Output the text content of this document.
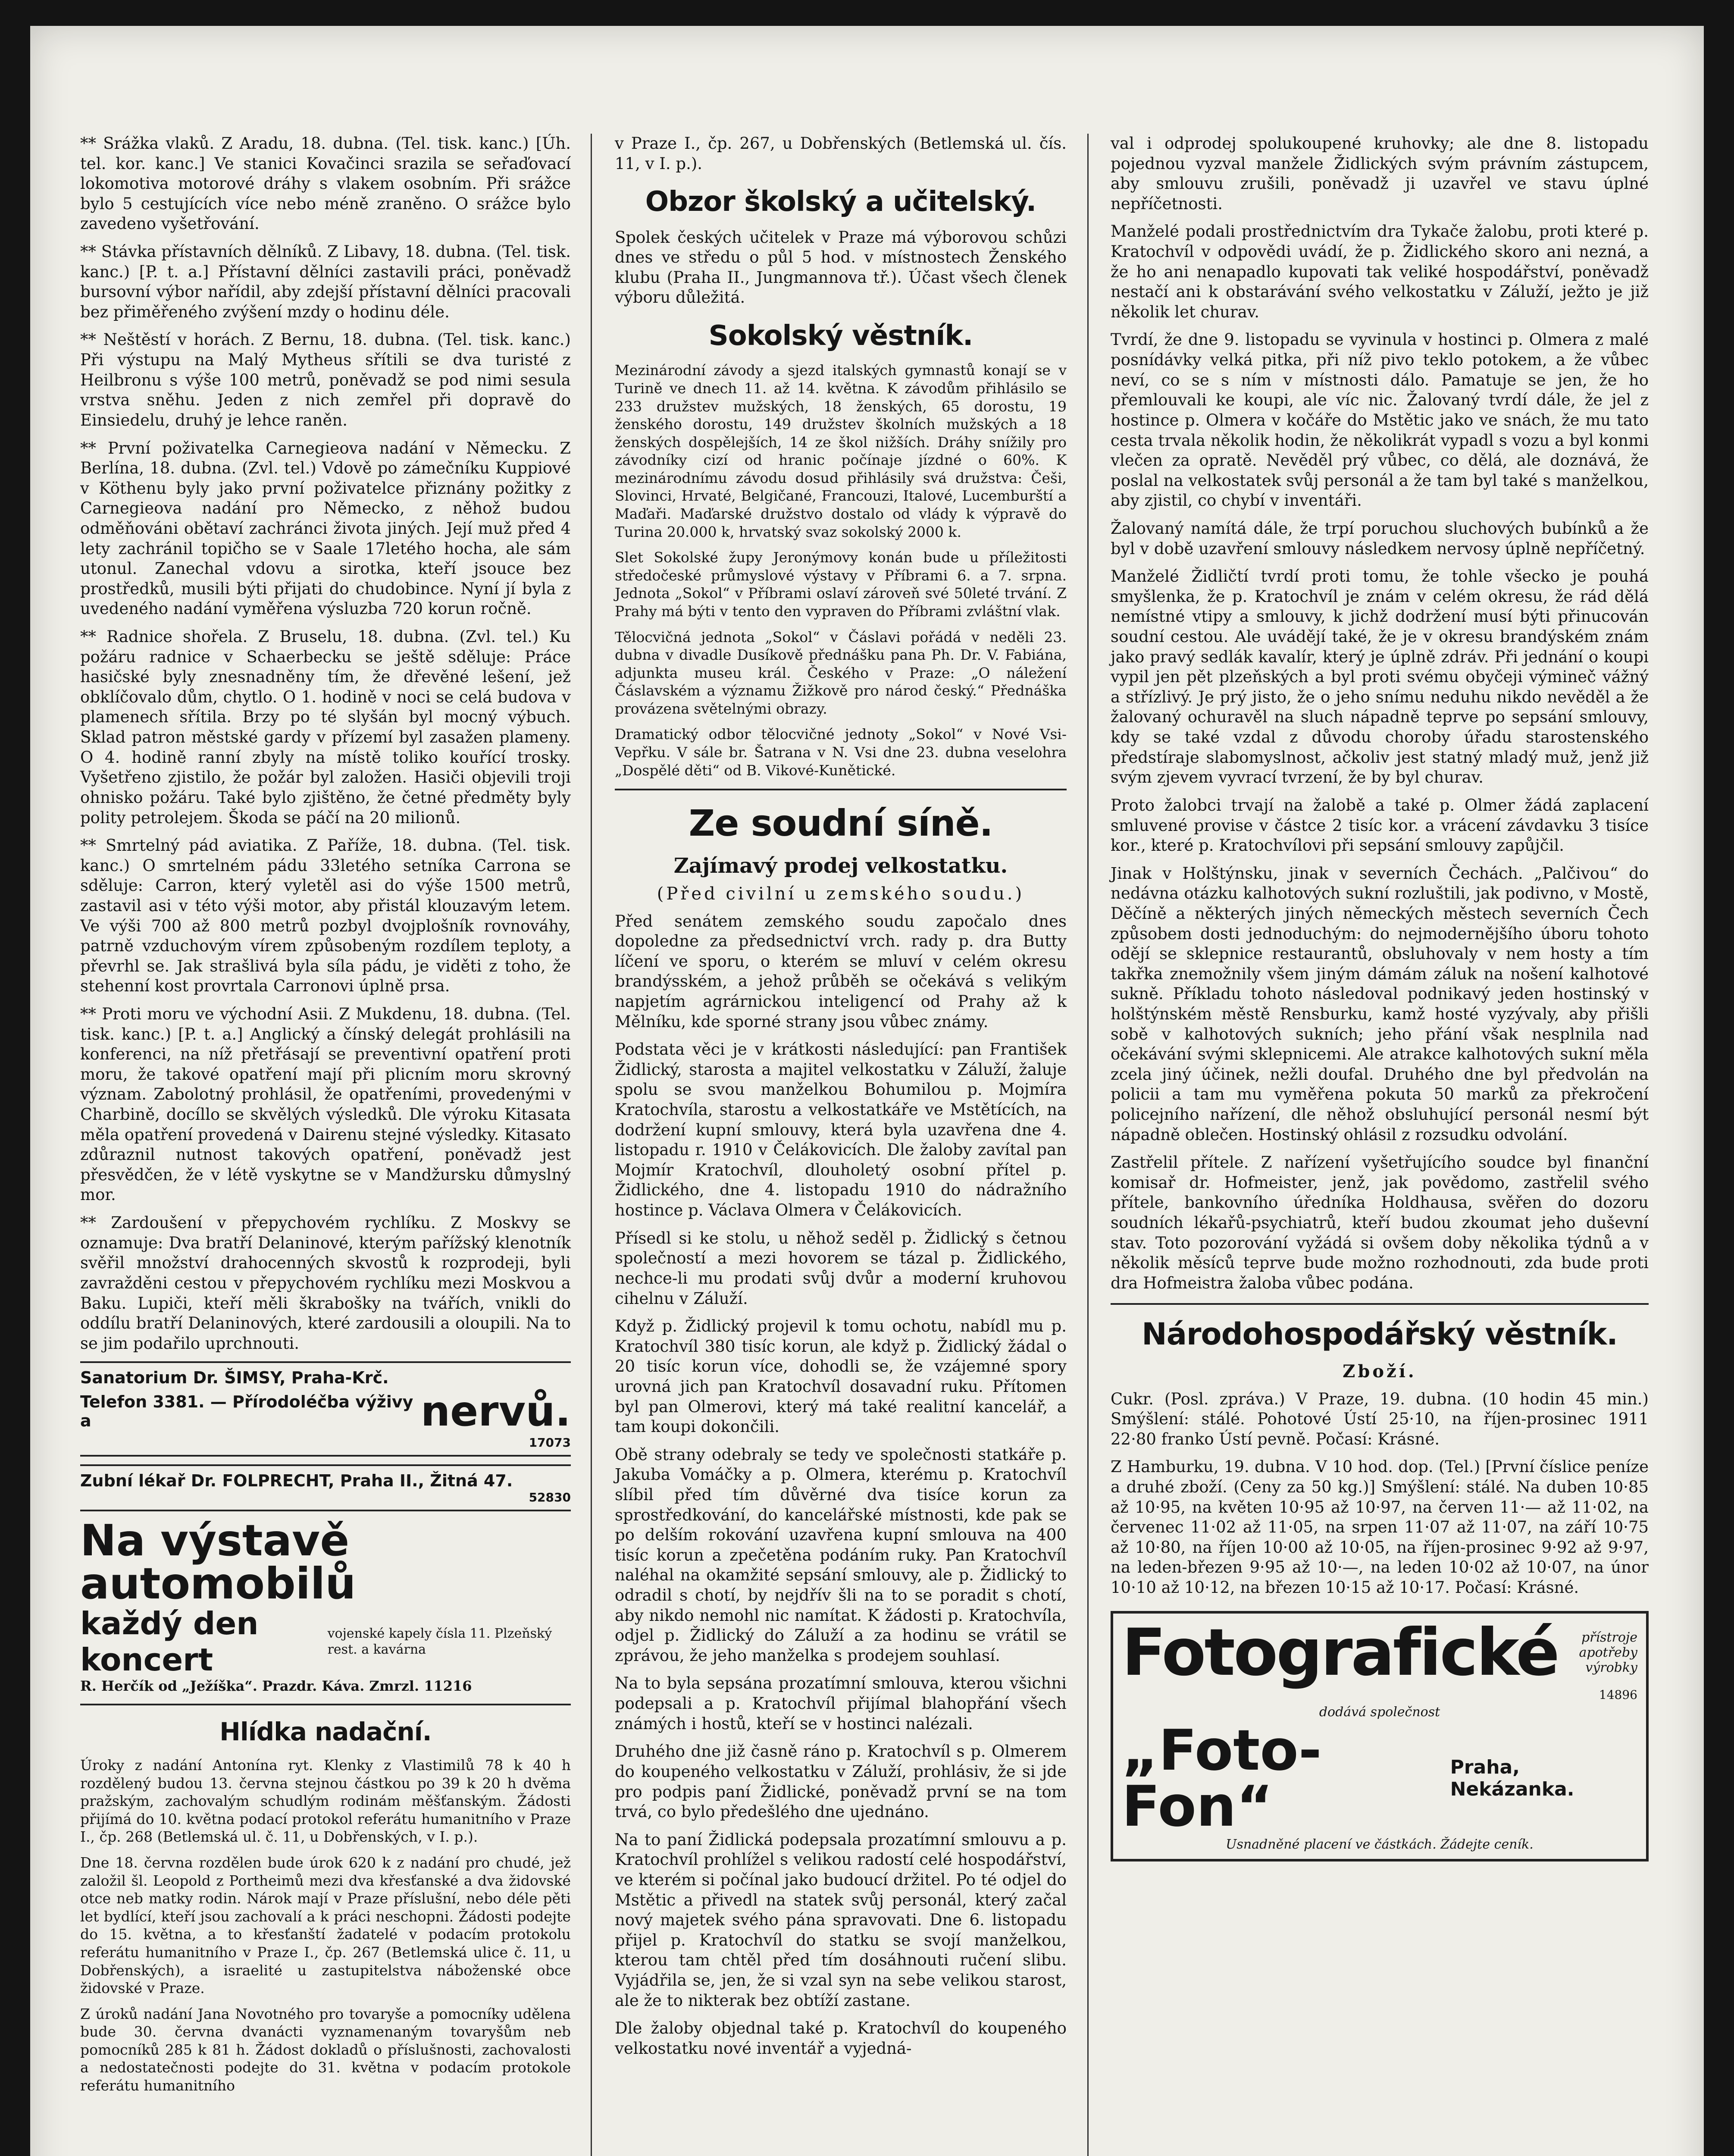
** Srážka vlaků. Z Aradu, 18. dubna. (Tel. tisk. kanc.) [Úh. tel. kor. kanc.] Ve stanici Kovačinci srazila se seřaďovací lokomotiva motorové dráhy s vlakem osobním. Při srážce bylo 5 cestujících více nebo méně zraněno. O srážce bylo zavedeno vyšetřování.

** Stávka přístavních dělníků. Z Libavy, 18. dubna. (Tel. tisk. kanc.) [P. t. a.] Přístavní dělníci zastavili práci, poněvadž bursovní výbor nařídil, aby zdejší přístavní dělníci pracovali bez přiměřeného zvýšení mzdy o hodinu déle.

** Neštěstí v horách. Z Bernu, 18. dubna. (Tel. tisk. kanc.) Při výstupu na Malý Mytheus sřítili se dva turisté z Heilbronu s výše 100 metrů, poněvadž se pod nimi sesula vrstva sněhu. Jeden z nich zemřel při dopravě do Einsiedelu, druhý je lehce raněn.

** První poživatelka Carnegieova nadání v Německu. Z Berlína, 18. dubna. (Zvl. tel.) Vdově po zámečníku Kuppiové v Köthenu byly jako první poživatelce přiznány požitky z Carnegieova nadání pro Německo, z něhož budou odměňováni obětaví zachránci života jiných. Její muž před 4 lety zachránil topičho se v Saale 17letého hocha, ale sám utonul. Zanechal vdovu a sirotka, kteří jsouce bez prostředků, musili býti přijati do chudobince. Nyní jí byla z uvedeného nadání vyměřena výsluzba 720 korun ročně.

** Radnice shořela. Z Bruselu, 18. dubna. (Zvl. tel.) Ku požáru radnice v Schaerbecku se ještě sděluje: Práce hasičské byly znesnadněny tím, že dřevěné lešení, jež obklíčovalo dům, chytlo. O 1. hodině v noci se celá budova v plamenech sřítila. Brzy po té slyšán byl mocný výbuch. Sklad patron městské gardy v přízemí byl zasažen plameny. O 4. hodině ranní zbyly na místě toliko kouřící trosky. Vyšetřeno zjistilo, že požár byl založen. Hasiči objevili troji ohnisko požáru. Také bylo zjištěno, že četné předměty byly polity petrolejem. Škoda se páčí na 20 milionů.

** Smrtelný pád aviatika. Z Paříže, 18. dubna. (Tel. tisk. kanc.) O smrtelném pádu 33letého setníka Carrona se sděluje: Carron, který vyletěl asi do výše 1500 metrů, zastavil asi v této výši motor, aby přistál klouzavým letem. Ve výši 700 až 800 metrů pozbyl dvojplošník rovnováhy, patrně vzduchovým vírem způsobeným rozdílem teploty, a převrhl se. Jak strašlivá byla síla pádu, je viděti z toho, že stehenní kost provrtala Carronovi úplně prsa.

** Proti moru ve východní Asii. Z Mukdenu, 18. dubna. (Tel. tisk. kanc.) [P. t. a.] Anglický a čínský delegát prohlásili na konferenci, na níž přetřásají se preventivní opatření proti moru, že takové opatření mají při plicním moru skrovný význam. Zabolotný prohlásil, že opatřeními, provedenými v Charbině, docíllo se skvělých výsledků. Dle výroku Kitasata měla opatření provedená v Dairenu stejné výsledky. Kitasato zdůraznil nutnost takových opatření, poněvadž jest přesvědčen, že v létě vyskytne se v Mandžursku důmyslný mor.

** Zardoušení v přepychovém rychlíku. Z Moskvy se oznamuje: Dva bratří Delaninové, kterým pařížský klenotník svěřil množství drahocenných skvostů k rozprodeji, byli zavražděni cestou v přepychovém rychlíku mezi Moskvou a Baku. Lupiči, kteří měli škrabošky na tvářích, vnikli do oddílu bratří Delaninových, které zardousili a oloupili. Na to se jim podařilo uprchnouti.

Sanatorium Dr. ŠIMSY, Praha-Krč.
Telefon 3381. — Přírodoléčba výživy a	nervů.
17073
Zubní lékař Dr. FOLPRECHT, Praha II., Žitná 47.
52830
Na výstavě automobilů
každý den koncert
vojenské kapely čísla 11. Plzeňský rest. a kavárna
R. Herčík od „Ježíška“. Prazdr. Káva. Zmrzl. 11216
Hlídka nadační.

Úroky z nadání Antonína ryt. Klenky z Vlastimilů 78 k 40 h rozdělený budou 13. června stejnou částkou po 39 k 20 h dvěma pražským, zachovalým schudlým rodinám měšťanským. Žádosti přijímá do 10. května podací protokol referátu humanitního v Praze I., čp. 268 (Betlemská ul. č. 11, u Dobřenských, v I. p.).

Dne 18. června rozdělen bude úrok 620 k z nadání pro chudé, jež založil šl. Leopold z Portheimů mezi dva křesťanské a dva židovské otce neb matky rodin. Nárok mají v Praze příslušní, nebo déle pěti let bydlící, kteří jsou zachovalí a k práci neschopni. Žádosti podejte do 15. května, a to křesťanští žadatelé v podacím protokolu referátu humanitního v Praze I., čp. 267 (Betlemská ulice č. 11, u Dobřenských), a israelité u zastupitelstva náboženské obce židovské v Praze.

Z úroků nadání Jana Novotného pro tovaryše a pomocníky udělena bude 30. června dvanácti vyznamenaným tovaryšům neb pomocníků 285 k 81 h. Žádost dokladů o příslušnosti, zachovalosti a nedostatečnosti podejte do 31. května v podacím protokole referátu humanitního

v Praze I., čp. 267, u Dobřenských (Betlemská ul. čís. 11, v I. p.).

Obzor školský a učitelský.

Spolek českých učitelek v Praze má výborovou schůzi dnes ve středu o půl 5 hod. v místnostech Ženského klubu (Praha II., Jungmannova tř.). Účast všech členek výboru důležitá.

Sokolský věstník.

Mezinárodní závody a sjezd italských gymnastů konají se v Turině ve dnech 11. až 14. května. K závodům přihlásilo se 233 družstev mužských, 18 ženských, 65 dorostu, 19 ženského dorostu, 149 družstev školních mužských a 18 ženských dospělejších, 14 ze škol nižších. Dráhy snížily pro závodníky cizí od hranic počínaje jízdné o 60%. K mezinárodnímu závodu dosud přihlásily svá družstva: Češi, Slovinci, Hrvaté, Belgičané, Francouzi, Italové, Lucemburští a Maďaři. Maďarské družstvo dostalo od vlády k výpravě do Turina 20.000 k, hrvatský svaz sokolský 2000 k.

Slet Sokolské župy Jeronýmovy konán bude u příležitosti středočeské průmyslové výstavy v Příbrami 6. a 7. srpna. Jednota „Sokol“ v Příbrami oslaví zároveň své 50leté trvání. Z Prahy má býti v tento den vypraven do Příbrami zvláštní vlak.

Tělocvičná jednota „Sokol“ v Čáslavi pořádá v neděli 23. dubna v divadle Dusíkově přednášku pana Ph. Dr. V. Fabiána, adjunkta museu král. Českého v Praze: „O náležení Čáslavském a významu Žižkově pro národ český.“ Přednáška provázena světelnými obrazy.

Dramatický odbor tělocvičné jednoty „Sokol“ v Nové Vsi-Vepřku. V sále br. Šatrana v N. Vsi dne 23. dubna veselohra „Dospělé děti“ od B. Vikové-Kunětické.

Ze soudní síně.
Zajímavý prodej velkostatku.
(Před civilní u zemského soudu.)

Před senátem zemského soudu započalo dnes dopoledne za předsednictví vrch. rady p. dra Butty líčení ve sporu, o kterém se mluví v celém okresu brandýsském, a jehož průběh se očekává s velikým napjetím agrárnickou inteligencí od Prahy až k Mělníku, kde sporné strany jsou vůbec známy.

Podstata věci je v krátkosti následující: pan František Židlický, starosta a majitel velkostatku v Záluží, žaluje spolu se svou manželkou Bohumilou p. Mojmíra Kratochvíla, starostu a velkostatkáře ve Mstětících, na dodržení kupní smlouvy, která byla uzavřena dne 4. listopadu r. 1910 v Čelákovicích. Dle žaloby zavítal pan Mojmír Kratochvíl, dlouholetý osobní přítel p. Židlického, dne 4. listopadu 1910 do nádražního hostince p. Václava Olmera v Čelákovicích.

Přísedl si ke stolu, u něhož seděl p. Židlický s četnou společností a mezi hovorem se tázal p. Židlického, nechce-li mu prodati svůj dvůr a moderní kruhovou cihelnu v Záluží.

Když p. Židlický projevil k tomu ochotu, nabídl mu p. Kratochvíl 380 tisíc korun, ale když p. Židlický žádal o 20 tisíc korun více, dohodli se, že vzájemné spory urovná jich pan Kratochvíl dosavadní ruku. Přítomen byl pan Olmerovi, který má také realitní kancelář, a tam koupi dokončili.

Obě strany odebraly se tedy ve společnosti statkáře p. Jakuba Vomáčky a p. Olmera, kterému p. Kratochvíl slíbil před tím důvěrné dva tisíce korun za sprostředkování, do kancelářské místnosti, kde pak se po delším rokování uzavřena kupní smlouva na 400 tisíc korun a zpečetěna podáním ruky. Pan Kratochvíl naléhal na okamžité sepsání smlouvy, ale p. Židlický to odradil s chotí, by nejdřív šli na to se poradit s chotí, aby nikdo nemohl nic namítat. K žádosti p. Kratochvíla, odjel p. Židlický do Záluží a za hodinu se vrátil se zprávou, že jeho manželka s prodejem souhlasí.

Na to byla sepsána prozatímní smlouva, kterou všichni podepsali a p. Kratochvíl přijímal blahopřání všech známých i hostů, kteří se v hostinci nalézali.

Druhého dne již časně ráno p. Kratochvíl s p. Olmerem do koupeného velkostatku v Záluží, prohlásiv, že si jde pro podpis paní Židlické, poněvadž první se na tom trvá, co bylo předešlého dne ujednáno.

Na to paní Židlická podepsala prozatímní smlouvu a p. Kratochvíl prohlížel s velikou radostí celé hospodářství, ve kterém si počínal jako budoucí držitel. Po té odjel do Mstětic a přivedl na statek svůj personál, který začal nový majetek svého pána spravovati. Dne 6. listopadu přijel p. Kratochvíl do statku se svojí manželkou, kterou tam chtěl před tím dosáhnouti ručení slibu. Vyjádřila se, jen, že si vzal syn na sebe velikou starost, ale že to nikterak bez obtíží zastane.

Dle žaloby objednal také p. Kratochvíl do koupeného velkostatku nové inventář a vyjedná-

val i odprodej spolukoupené kruhovky; ale dne 8. listopadu pojednou vyzval manžele Židlických svým právním zástupcem, aby smlouvu zrušili, poněvadž ji uzavřel ve stavu úplné nepříčetnosti.

Manželé podali prostřednictvím dra Tykače žalobu, proti které p. Kratochvíl v odpovědi uvádí, že p. Židlického skoro ani nezná, a že ho ani nenapadlo kupovati tak veliké hospodářství, poněvadž nestačí ani k obstarávání svého velkostatku v Záluží, ježto je již několik let churav.

Tvrdí, že dne 9. listopadu se vyvinula v hostinci p. Olmera z malé posnídávky velká pitka, při níž pivo teklo potokem, a že vůbec neví, co se s ním v místnosti dálo. Pamatuje se jen, že ho přemlouvali ke koupi, ale víc nic. Žalovaný tvrdí dále, že jel z hostince p. Olmera v kočáře do Mstětic jako ve snách, že mu tato cesta trvala několik hodin, že několikrát vypadl s vozu a byl konmi vlečen za opratě. Nevěděl prý vůbec, co dělá, ale doznává, že poslal na velkostatek svůj personál a že tam byl také s manželkou, aby zjistil, co chybí v inventáři.

Žalovaný namítá dále, že trpí poruchou sluchových bubínků a že byl v době uzavření smlouvy následkem nervosy úplně nepříčetný.

Manželé Židličtí tvrdí proti tomu, že tohle všecko je pouhá smyšlenka, že p. Kratochvíl je znám v celém okresu, že rád dělá nemístné vtipy a smlouvy, k jichž dodržení musí býti přinucován soudní cestou. Ale uvádějí také, že je v okresu brandýském znám jako pravý sedlák kavalír, který je úplně zdráv. Při jednání o koupi vypil jen pět plzeňských a byl proti svému obyčeji výmineč vážný a střízlivý. Je prý jisto, že o jeho snímu neduhu nikdo nevěděl a že žalovaný ochuravěl na sluch nápadně teprve po sepsání smlouvy, kdy se také vzdal z důvodu choroby úřadu starostenského předstíraje slabomyslnost, ačkoliv jest statný mladý muž, jenž již svým zjevem vyvrací tvrzení, že by byl churav.

Proto žalobci trvají na žalobě a také p. Olmer žádá zaplacení smluvené provise v částce 2 tisíc kor. a vrácení závdavku 3 tisíce kor., které p. Kratochvílovi při sepsání smlouvy zapůjčil.

Jinak v Holštýnsku, jinak v severních Čechách. „Palčivou“ do nedávna otázku kalhotových sukní rozluštili, jak podivno, v Mostě, Děčíně a některých jiných německých městech severních Čech způsobem dosti jednoduchým: do nejmodernějšího úboru tohoto odějí se sklepnice restaurantů, obsluhovaly v nem hosty a tím takřka znemožnily všem jiným dámám záluk na nošení kalhotové sukně. Příkladu tohoto následoval podnikavý jeden hostinský v holštýnském městě Rensburku, kamž hosté vyzývaly, aby přišli sobě v kalhotových sukních; jeho přání však nesplnila nad očekávání svými sklepnicemi. Ale atrakce kalhotových sukní měla zcela jiný účinek, nežli doufal. Druhého dne byl předvolán na policii a tam mu vyměřena pokuta 50 marků za překročení policejního nařízení, dle něhož obsluhující personál nesmí být nápadně oblečen. Hostinský ohlásil z rozsudku odvolání.

Zastřelil přítele. Z nařízení vyšetřujícího soudce byl finanční komisař dr. Hofmeister, jenž, jak povědomo, zastřelil svého přítele, bankovního úředníka Holdhausa, svěřen do dozoru soudních lékařů-psychiatrů, kteří budou zkoumat jeho duševní stav. Toto pozorování vyžádá si ovšem doby několika týdnů a v několik měsíců teprve bude možno rozhodnouti, zda bude proti dra Hofmeistra žaloba vůbec podána.

Národohospodářský věstník.
Zboží.

Cukr. (Posl. zpráva.) V Praze, 19. dubna. (10 hodin 45 min.) Smýšlení: stálé. Pohotové Ústí 25·10, na říjen-prosinec 1911 22·80 franko Ústí pevně. Počasí: Krásné.

Z Hamburku, 19. dubna. V 10 hod. dop. (Tel.) [První číslice peníze a druhé zboží. (Ceny za 50 kg.)] Smýšlení: stálé. Na duben 10·85 až 10·95, na květen 10·95 až 10·97, na červen 11·— až 11·02, na červenec 11·02 až 11·05, na srpen 11·07 až 11·07, na září 10·75 až 10·80, na říjen 10·00 až 10·05, na říjen-prosinec 9·92 až 9·97, na leden-březen 9·95 až 10·—, na leden 10·02 až 10·07, na únor 10·10 až 10·12, na březen 10·15 až 10·17. Počasí: Krásné.

Fotografické	přístroje apotřeby výrobky
14896
dodává společnost
„Foto-Fon“
Praha, Nekázanka.
Usnadněné placení ve částkách. Žádejte ceník.
